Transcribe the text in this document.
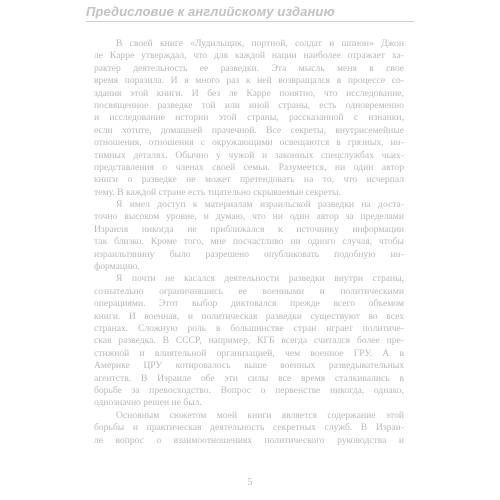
Предисловие к английскому изданию
В своей книге «Лудильщик, портной, солдат и шпион» Джон
ле Карре утверждал, что для каждой нации наиболее отражает ха-
рактер деятельность ее разведки. Эта мысль меня в свое
время поразила. И я много раз к ней возвращался в процессе со-
здания этой книги. И без ле Карре понятно, что исследование,
посвященное разведке той или иной страны, есть одновременно
и исследование истории этой страны, рассказанной с изнанки,
если хотите, домашней прачечной. Все секреты, внутрисемейные
отношения, отношения с окружающими освещаются в грязных, ин-
тимных деталях. Обычно у чужой и законных спецслужбах чьих-
представления о членах своей семьи. Разумеется, ни один автор
книги о разведке не может претендовать на то, что исчерпал
тему. В каждой стране есть тщательно скрываемые секреты.
Я имел доступ к материалам израильской разведки на доста-
точно высоком уровне, и думаю, что ни один автор за пределами
Израиля никогда не приближался к источнику информации
так близко. Кроме того, мне посчастливо ни одного случая, чтобы
израильтянину было разрешено опубликовать подобную ин-
формацию.
Я почти не касался деятельности разведки внутри страны,
сознательно ограничившись ее военными и политическими
операциями. Этот выбор диктовался прежде всего объемом
книги. И военная, и политическая разведки существуют во всех
странах. Сложную роль в большинстве стран играет политиче-
ская разведка. В СССР, например, КГБ всегда считался более пре-
стижной и влиятельной организацией, чем военное ГРУ. А в
Америке ЦРУ котировалось выше военных разведывательных
агентств. В Израиле обе эти силы все время сталкивались в
борьбе за превосходство. Вопрос о первенстве никогда, однако,
однозначно решен не был.
Основным сюжетом моей книги является содержание этой
борьбы и практическая деятельность секретных служб. В Израи-
ле вопрос о взаимоотношениях политического руководства и
5
